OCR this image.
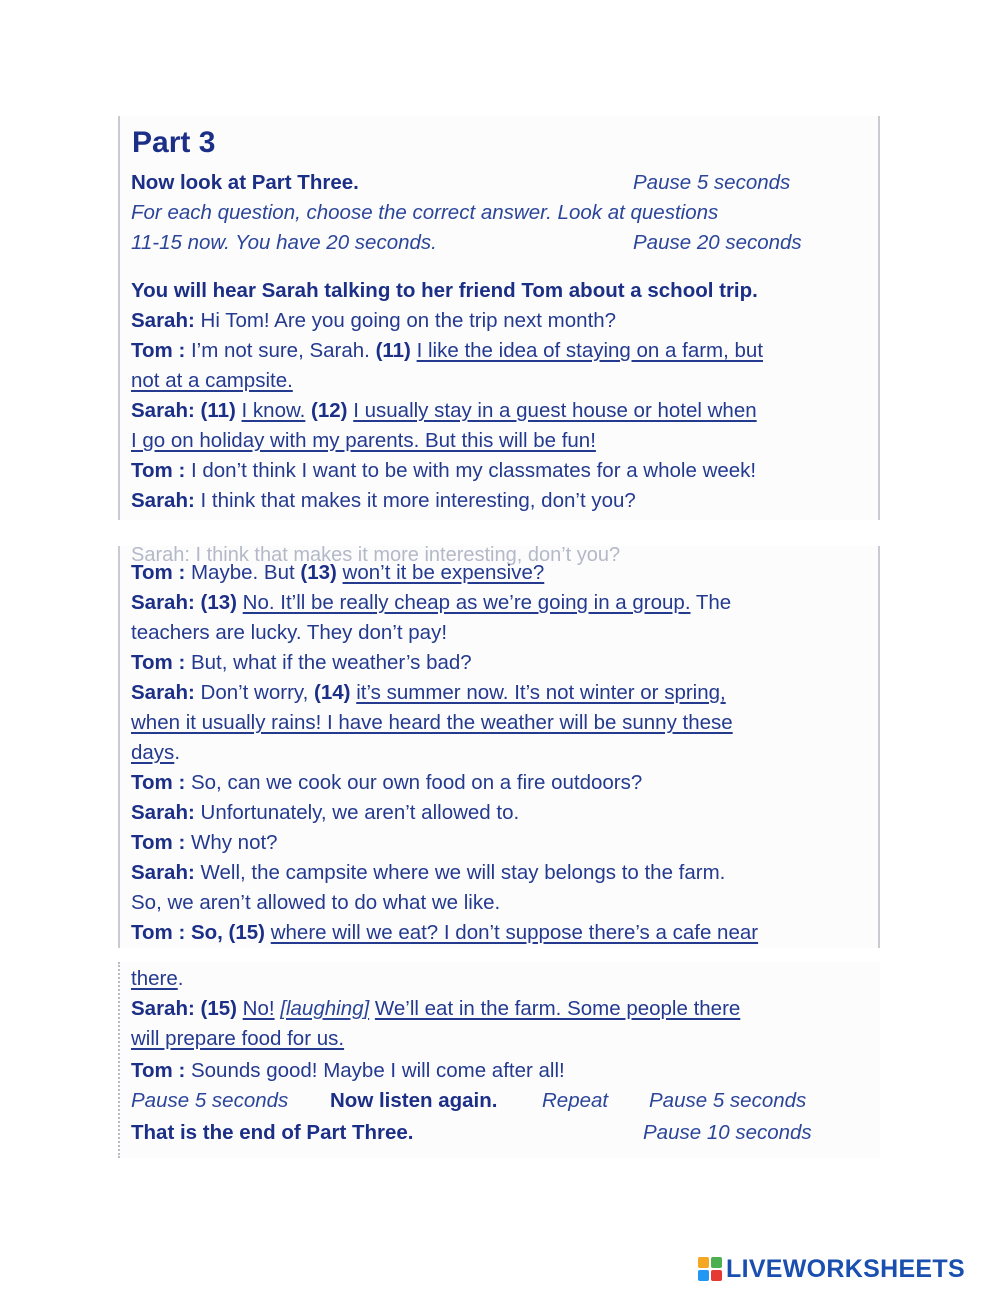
Part 3
Now look at Part Three.	Pause 5 seconds
For each question, choose the correct answer. Look at questions
11-15 now. You have 20 seconds.	Pause 20 seconds
You will hear Sarah talking to her friend Tom about a school trip.
Sarah: Hi Tom! Are you going on the trip next month?
Tom : I’m not sure, Sarah. (11) I like the idea of staying on a farm, but
not at a campsite.
Sarah: (11) I know. (12) I usually stay in a guest house or hotel when
I go on holiday with my parents. But this will be fun!
Tom : I don’t think I want to be with my classmates for a whole week!
Sarah: I think that makes it more interesting, don’t you?
Sarah: I think that makes it more interesting, don’t you?
Tom : Maybe. But (13) won’t it be expensive?
Sarah: (13) No. It’ll be really cheap as we’re going in a group. The
teachers are lucky. They don’t pay!
Tom : But, what if the weather’s bad?
Sarah: Don’t worry, (14) it’s summer now. It’s not winter or spring,
when it usually rains! I have heard the weather will be sunny these
days.
Tom : So, can we cook our own food on a fire outdoors?
Sarah: Unfortunately, we aren’t allowed to.
Tom : Why not?
Sarah: Well, the campsite where we will stay belongs to the farm.
So, we aren’t allowed to do what we like.
Tom : So, (15) where will we eat? I don’t suppose there’s a cafe near
there.
Sarah: (15) No! [laughing] We’ll eat in the farm. Some people there
will prepare food for us.
Tom : Sounds good! Maybe I will come after all!
Pause 5 seconds Now listen again. Repeat Pause 5 seconds
That is the end of Part Three.	Pause 10 seconds
LIVEWORKSHEETS
